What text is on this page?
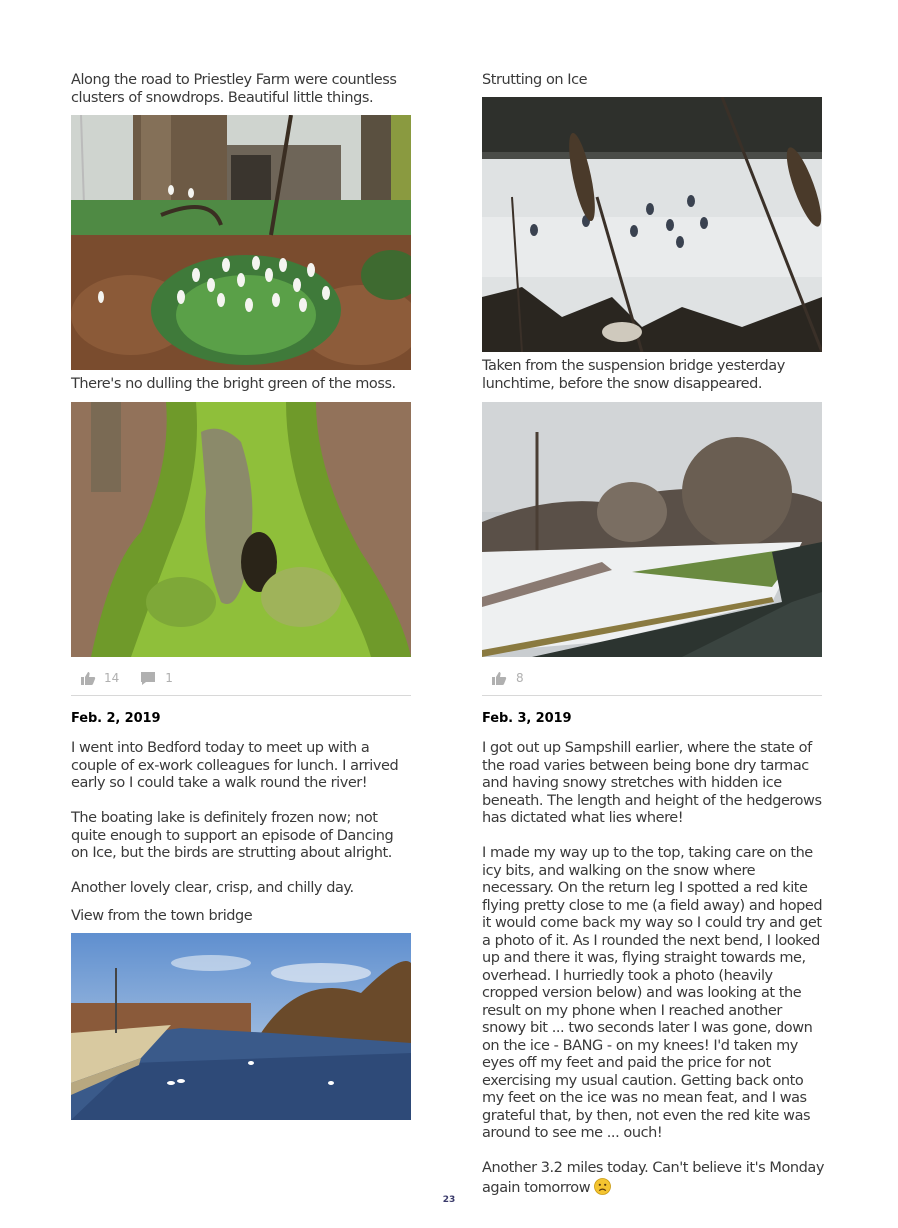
Along the road to Priestley Farm were countless clusters of snowdrops. Beautiful little things.
There's no dulling the bright green of the moss.
14	1
Feb. 2, 2019

I went into Bedford today to meet up with a couple of ex-work colleagues for lunch. I arrived early so I could take a walk round the river!

The boating lake is definitely frozen now; not quite enough to support an episode of Dancing on Ice, but the birds are strutting about alright.

Another lovely clear, crisp, and chilly day.

View from the town bridge

Strutting on Ice
Taken from the suspension bridge yesterday lunchtime, before the snow disappeared.
8
Feb. 3, 2019

I got out up Sampshill earlier, where the state of the road varies between being bone dry tarmac and having snowy stretches with hidden ice beneath. The length and height of the hedgerows has dictated what lies where!

I made my way up to the top, taking care on the icy bits, and walking on the snow where necessary. On the return leg I spotted a red kite flying pretty close to me (a field away) and hoped it would come back my way so I could try and get a photo of it. As I rounded the next bend, I looked up and there it was, flying straight towards me, overhead. I hurriedly took a photo (heavily cropped version below) and was looking at the result on my phone when I reached another snowy bit ... two seconds later I was gone, down on the ice - BANG - on my knees! I'd taken my eyes off my feet and paid the price for not exercising my usual caution. Getting back onto my feet on the ice was no mean feat, and I was grateful that, by then, not even the red kite was around to see me ... ouch!

Another 3.2 miles today. Can't believe it's Monday again tomorrow

23
